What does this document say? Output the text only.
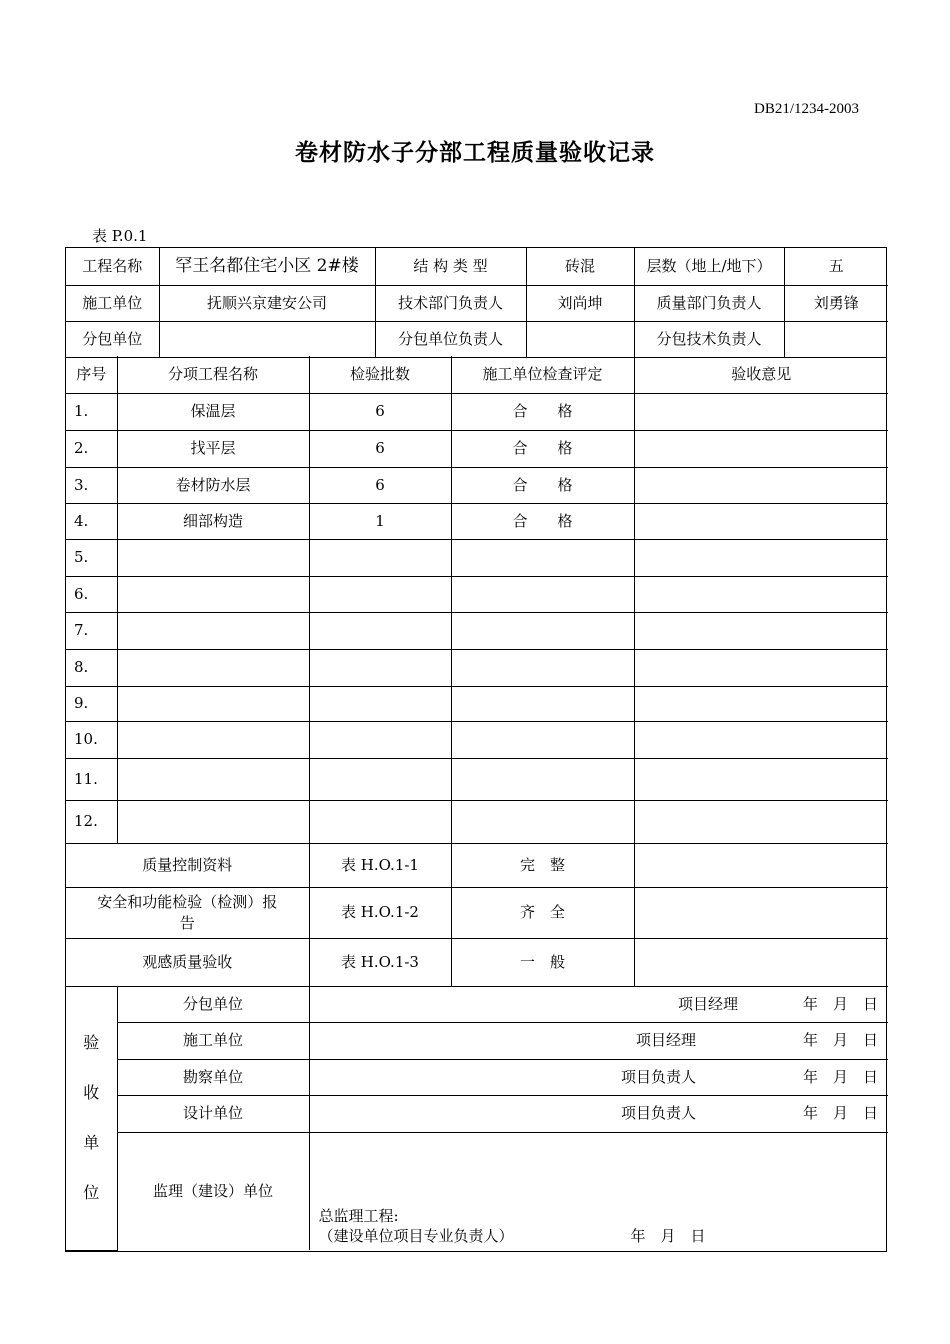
DB21/1234-2003
卷材防水子分部工程质量验收记录
表 P.0.1
工程名称	罕王名都住宅小区 2#楼	结 构 类 型	砖混	层数（地上/地下）	五
施工单位	抚顺兴京建安公司	技术部门负责人	刘尚坤	质量部门负责人	刘勇锋
分包单位		分包单位负责人		分包技术负责人	
序号	分项工程名称	检验批数	施工单位检查评定	验收意见
1.	保温层	6	合　　格	
2.	找平层	6	合　　格	
3.	卷材防水层	6	合　　格	
4.	细部构造	1	合　　格	
5.				
6.				
7.				
8.				
9.				
10.				
11.				
12.				
质量控制资料		表 H.O.1-1	完　整	
安全和功能检验（检测）报告		表 H.O.1-2	齐　全	
观感质量验收		表 H.O.1-3	一　般	

验
收
单
位	分包单位	项目经理 年　月　日		
	施工单位	项目经理 年　月　日		
	勘察单位	项目负责人 年　月　日		
	设计单位	项目负责人 年　月　日		
	监理（建设）单位	总监理工程:
（建设单位项目专业负责人） 年　月　日		
